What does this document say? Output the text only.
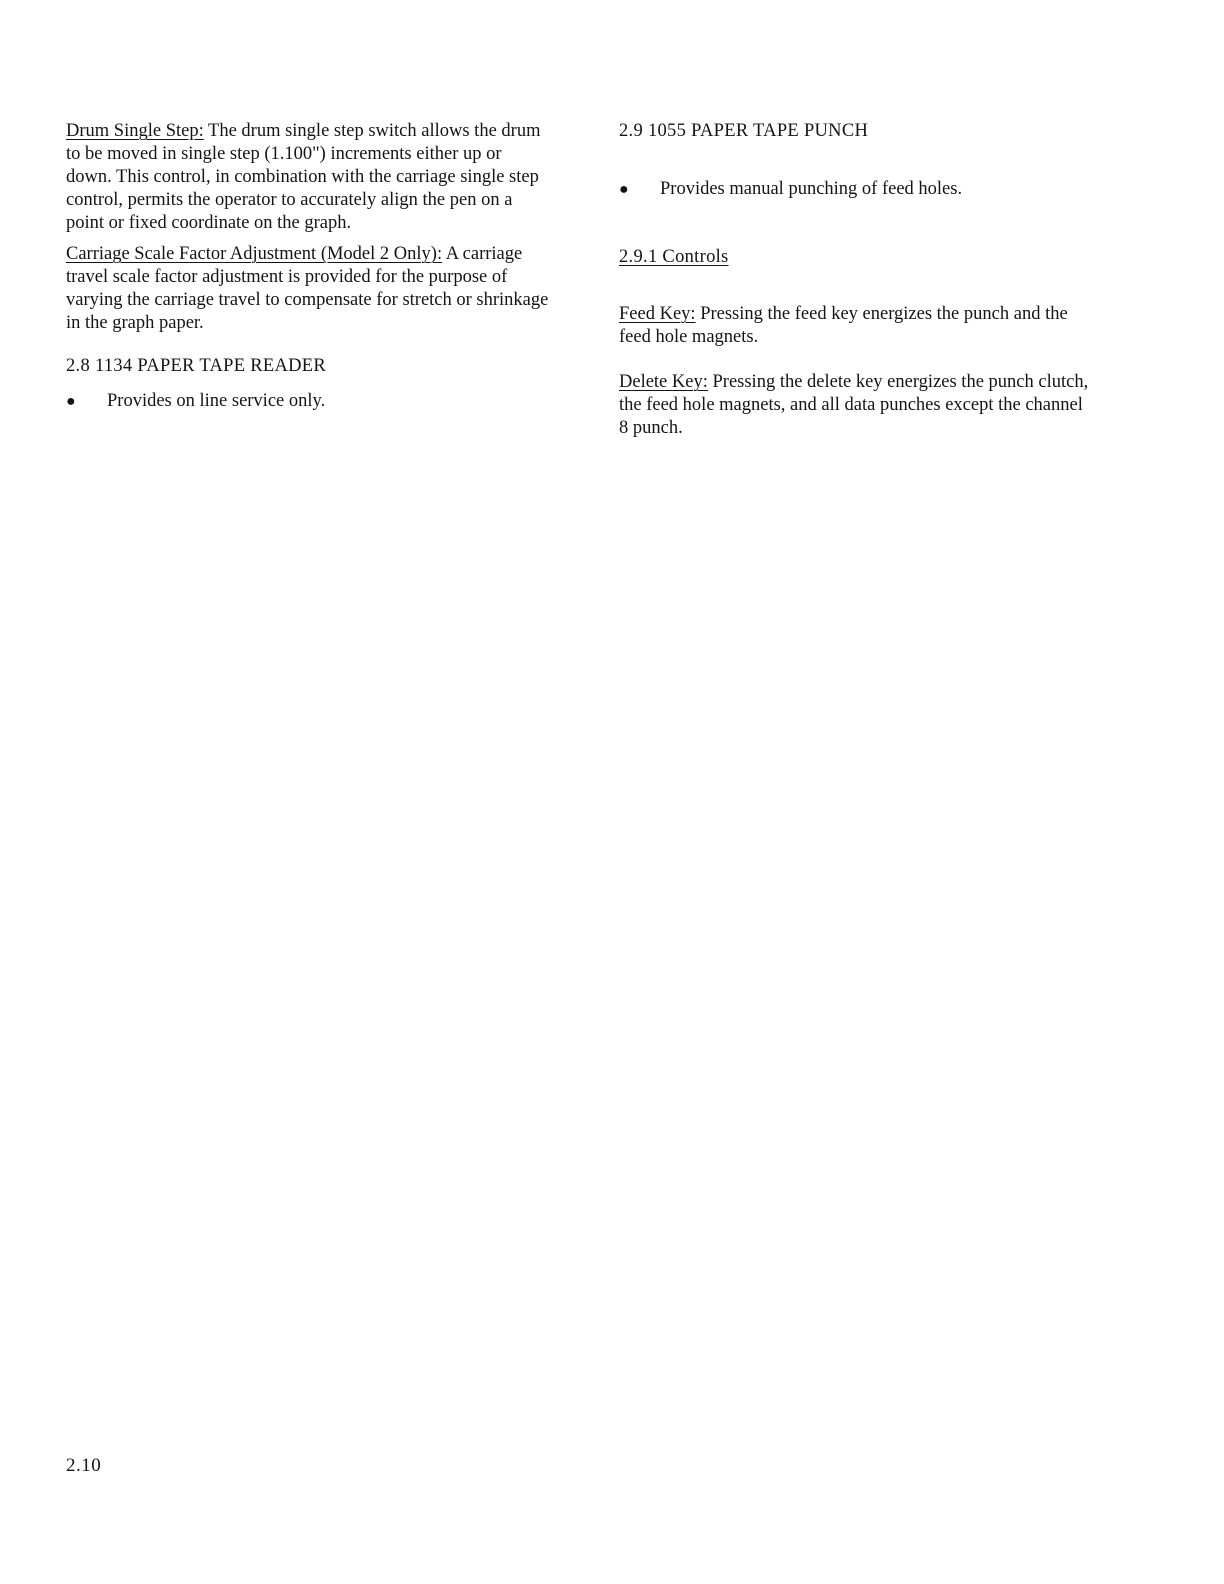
Drum Single Step: The drum single step switch allows the drum to be moved in single step (1.100") increments either up or down. This control, in combination with the carriage single step control, permits the operator to accurately align the pen on a point or fixed coordinate on the graph.

Carriage Scale Factor Adjustment (Model 2 Only): A carriage travel scale factor adjustment is provided for the purpose of varying the carriage travel to compensate for stretch or shrinkage in the graph paper.

2.8 1134 PAPER TAPE READER

● Provides on line service only.

2.9 1055 PAPER TAPE PUNCH

● Provides manual punching of feed holes.

2.9.1 Controls

Feed Key: Pressing the feed key energizes the punch and the feed hole magnets.

Delete Key: Pressing the delete key energizes the punch clutch, the feed hole magnets, and all data punches except the channel 8 punch.

2.10
